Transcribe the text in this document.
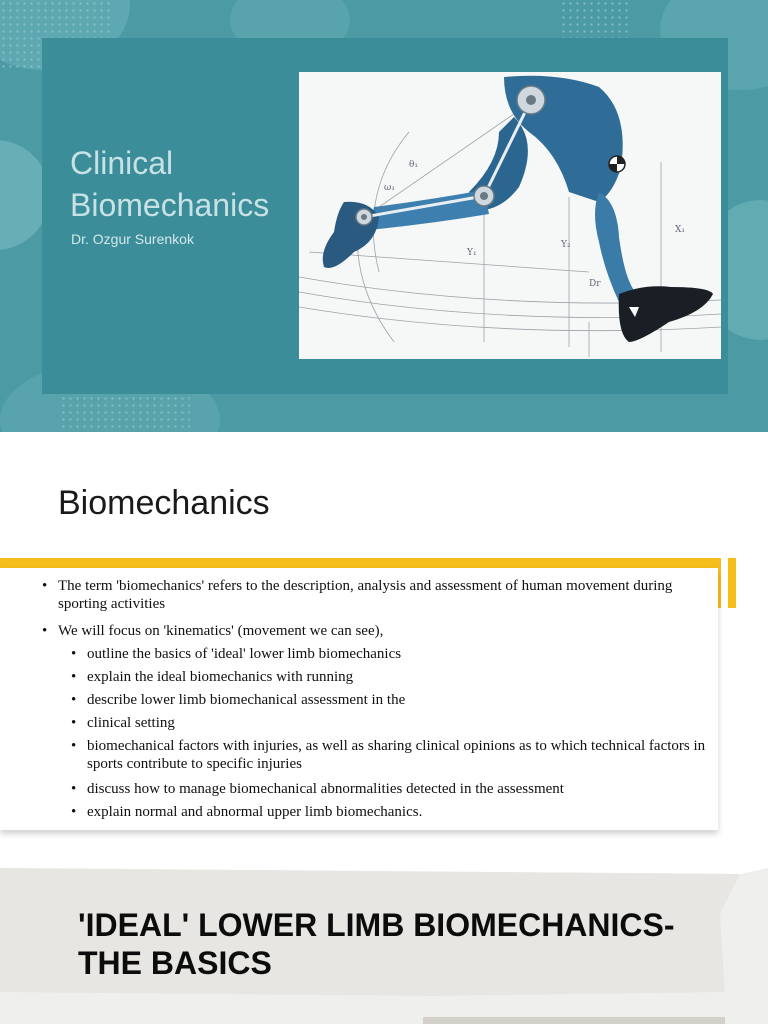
Clinical Biomechanics
Dr. Ozgur Surenkok
θ₁
ω₁
Y₁
Y₂
X₁
Dr
Biomechanics
• The term 'biomechanics' refers to the description, analysis and assessment of human movement during sporting activities
• We will focus on 'kinematics' (movement we can see),
• outline the basics of 'ideal' lower limb biomechanics
• explain the ideal biomechanics with running
• describe lower limb biomechanical assessment in the
• clinical setting
• biomechanical factors with injuries, as well as sharing clinical opinions as to which technical factors in sports contribute to specific injuries
• discuss how to manage biomechanical abnormalities detected in the assessment
• explain normal and abnormal upper limb biomechanics.
'IDEAL' LOWER LIMB BIOMECHANICS-THE BASICS
